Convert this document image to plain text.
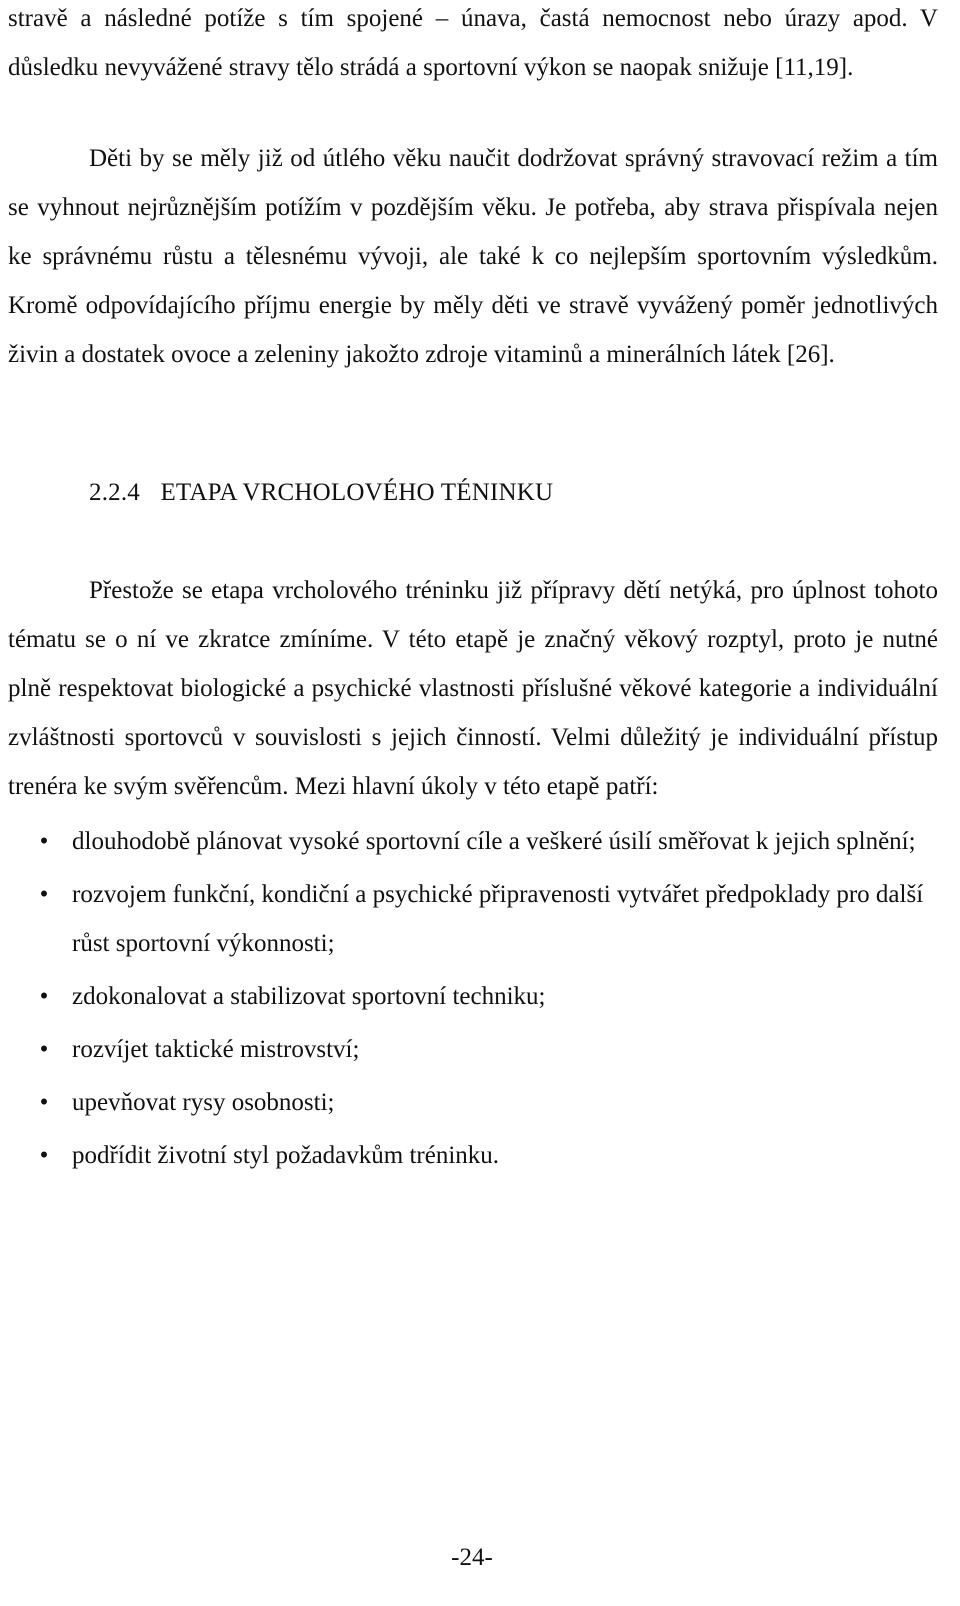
stravě a následné potíže s tím spojené – únava, častá nemocnost nebo úrazy apod. V důsledku nevyvážené stravy tělo strádá a sportovní výkon se naopak snižuje [11,19].

Děti by se měly již od útlého věku naučit dodržovat správný stravovací režim a tím se vyhnout nejrůznějším potížím v pozdějším věku. Je potřeba, aby strava přispívala nejen ke správnému růstu a tělesnému vývoji, ale také k co nejlepším sportovním výsledkům. Kromě odpovídajícího příjmu energie by měly děti ve stravě vyvážený poměr jednotlivých živin a dostatek ovoce a zeleniny jakožto zdroje vitaminů a minerálních látek [26].

2.2.4 ETAPA VRCHOLOVÉHO TÉNINKU

Přestože se etapa vrcholového tréninku již přípravy dětí netýká, pro úplnost tohoto tématu se o ní ve zkratce zmíníme. V této etapě je značný věkový rozptyl, proto je nutné plně respektovat biologické a psychické vlastnosti příslušné věkové kategorie a individuální zvláštnosti sportovců v souvislosti s jejich činností. Velmi důležitý je individuální přístup trenéra ke svým svěřencům. Mezi hlavní úkoly v této etapě patří:

• dlouhodobě plánovat vysoké sportovní cíle a veškeré úsilí směřovat k jejich splnění;
• rozvojem funkční, kondiční a psychické připravenosti vytvářet předpoklady pro další růst sportovní výkonnosti;
• zdokonalovat a stabilizovat sportovní techniku;
• rozvíjet taktické mistrovství;
• upevňovat rysy osobnosti;
• podřídit životní styl požadavkům tréninku.
-24-
